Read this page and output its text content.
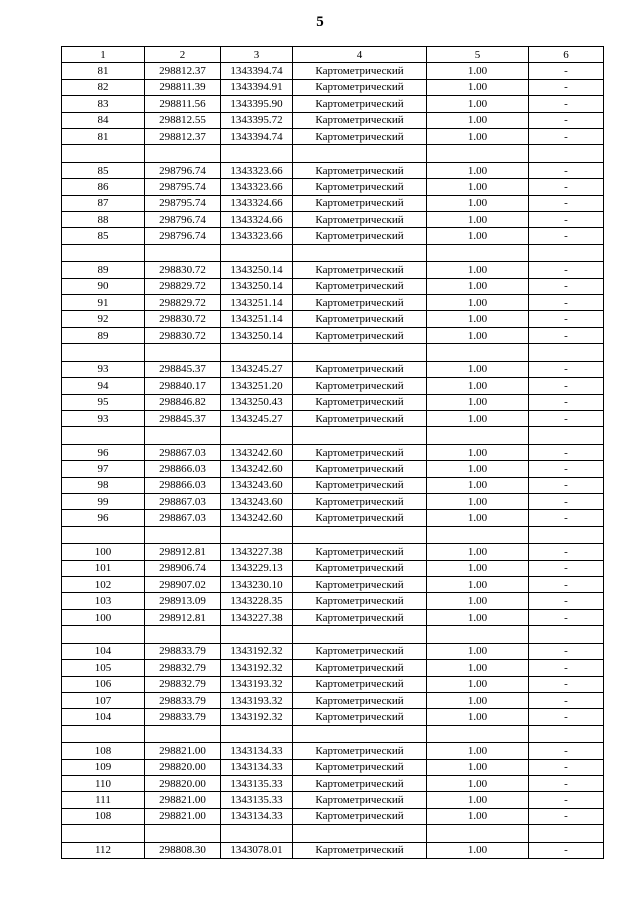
5
1	2	3	4	5	6
81	298812.37	1343394.74	Картометрический	1.00	-
82	298811.39	1343394.91	Картометрический	1.00	-
83	298811.56	1343395.90	Картометрический	1.00	-
84	298812.55	1343395.72	Картометрический	1.00	-
81	298812.37	1343394.74	Картометрический	1.00	-

85	298796.74	1343323.66	Картометрический	1.00	-
86	298795.74	1343323.66	Картометрический	1.00	-
87	298795.74	1343324.66	Картометрический	1.00	-
88	298796.74	1343324.66	Картометрический	1.00	-
85	298796.74	1343323.66	Картометрический	1.00	-

89	298830.72	1343250.14	Картометрический	1.00	-
90	298829.72	1343250.14	Картометрический	1.00	-
91	298829.72	1343251.14	Картометрический	1.00	-
92	298830.72	1343251.14	Картометрический	1.00	-
89	298830.72	1343250.14	Картометрический	1.00	-

93	298845.37	1343245.27	Картометрический	1.00	-
94	298840.17	1343251.20	Картометрический	1.00	-
95	298846.82	1343250.43	Картометрический	1.00	-
93	298845.37	1343245.27	Картометрический	1.00	-

96	298867.03	1343242.60	Картометрический	1.00	-
97	298866.03	1343242.60	Картометрический	1.00	-
98	298866.03	1343243.60	Картометрический	1.00	-
99	298867.03	1343243.60	Картометрический	1.00	-
96	298867.03	1343242.60	Картометрический	1.00	-

100	298912.81	1343227.38	Картометрический	1.00	-
101	298906.74	1343229.13	Картометрический	1.00	-
102	298907.02	1343230.10	Картометрический	1.00	-
103	298913.09	1343228.35	Картометрический	1.00	-
100	298912.81	1343227.38	Картометрический	1.00	-

104	298833.79	1343192.32	Картометрический	1.00	-
105	298832.79	1343192.32	Картометрический	1.00	-
106	298832.79	1343193.32	Картометрический	1.00	-
107	298833.79	1343193.32	Картометрический	1.00	-
104	298833.79	1343192.32	Картометрический	1.00	-

108	298821.00	1343134.33	Картометрический	1.00	-
109	298820.00	1343134.33	Картометрический	1.00	-
110	298820.00	1343135.33	Картометрический	1.00	-
111	298821.00	1343135.33	Картометрический	1.00	-
108	298821.00	1343134.33	Картометрический	1.00	-

112	298808.30	1343078.01	Картометрический	1.00	-
